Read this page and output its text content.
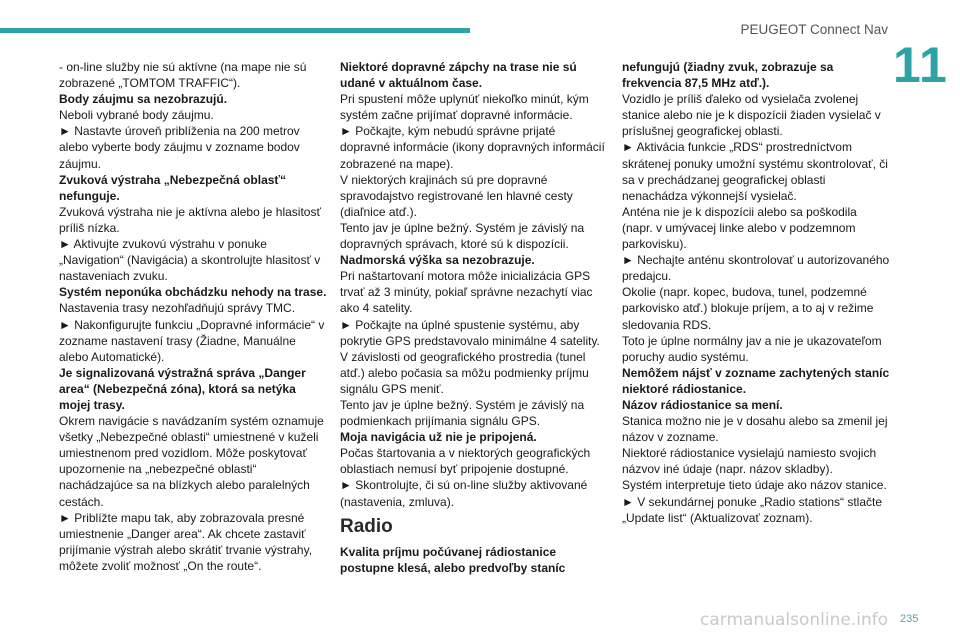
PEUGEOT Connect Nav
11

- on-line služby nie sú aktívne (na mape nie sú zobrazené „TOMTOM TRAFFIC“).

Body záujmu sa nezobrazujú.

Neboli vybrané body záujmu.

► Nastavte úroveň priblíženia na 200 metrov alebo vyberte body záujmu v zozname bodov záujmu.

Zvuková výstraha „Nebezpečná oblasť“ nefunguje.

Zvuková výstraha nie je aktívna alebo je hlasitosť príliš nízka.

► Aktivujte zvukovú výstrahu v ponuke „Navigation“ (Navigácia) a skontrolujte hlasitosť v nastaveniach zvuku.

Systém neponúka obchádzku nehody na trase.

Nastavenia trasy nezohľadňujú správy TMC.

► Nakonfigurujte funkciu „Dopravné informácie“ v zozname nastavení trasy (Žiadne, Manuálne alebo Automatické).

Je signalizovaná výstražná správa „Danger area“ (Nebezpečná zóna), ktorá sa netýka mojej trasy.

Okrem navigácie s navádzaním systém oznamuje všetky „Nebezpečné oblasti“ umiestnené v kuželi umiestnenom pred vozidlom. Môže poskytovať upozornenie na „nebezpečné oblasti“ nachádzajúce sa na blízkych alebo paralelných cestách.

► Priblížte mapu tak, aby zobrazovala presné umiestnenie „Danger area“. Ak chcete zastaviť prijímanie výstrah alebo skrátiť trvanie výstrahy, môžete zvoliť možnosť „On the route“.

Niektoré dopravné zápchy na trase nie sú udané v aktuálnom čase.

Pri spustení môže uplynúť niekoľko minút, kým systém začne prijímať dopravné informácie.

► Počkajte, kým nebudú správne prijaté dopravné informácie (ikony dopravných informácií zobrazené na mape).

V niektorých krajinách sú pre dopravné spravodajstvo registrované len hlavné cesty (diaľnice atď.).

Tento jav je úplne bežný. Systém je závislý na dopravných správach, ktoré sú k dispozícii.

Nadmorská výška sa nezobrazuje.

Pri naštartovaní motora môže inicializácia GPS trvať až 3 minúty, pokiaľ správne nezachytí viac ako 4 satelity.

► Počkajte na úplné spustenie systému, aby pokrytie GPS predstavovalo minimálne 4 satelity.

V závislosti od geografického prostredia (tunel atď.) alebo počasia sa môžu podmienky príjmu signálu GPS meniť.

Tento jav je úplne bežný. Systém je závislý na podmienkach prijímania signálu GPS.

Moja navigácia už nie je pripojená.

Počas štartovania a v niektorých geografických oblastiach nemusí byť pripojenie dostupné.

► Skontrolujte, či sú on-line služby aktivované (nastavenia, zmluva).

Radio

Kvalita príjmu počúvanej rádiostanice postupne klesá, alebo predvoľby staníc

nefungujú (žiadny zvuk, zobrazuje sa frekvencia 87,5 MHz atď.).

Vozidlo je príliš ďaleko od vysielača zvolenej stanice alebo nie je k dispozícii žiaden vysielač v príslušnej geografickej oblasti.

► Aktivácia funkcie „RDS“ prostredníctvom skrátenej ponuky umožní systému skontrolovať, či sa v prechádzanej geografickej oblasti nenachádza výkonnejší vysielač.

Anténa nie je k dispozícii alebo sa poškodila (napr. v umývacej linke alebo v podzemnom parkovisku).

► Nechajte anténu skontrolovať u autorizovaného predajcu.

Okolie (napr. kopec, budova, tunel, podzemné parkovisko atď.) blokuje príjem, a to aj v režime sledovania RDS.

Toto je úplne normálny jav a nie je ukazovateľom poruchy audio systému.

Nemôžem nájsť v zozname zachytených staníc niektoré rádiostanice.

Názov rádiostanice sa mení.

Stanica možno nie je v dosahu alebo sa zmenil jej názov v zozname.

Niektoré rádiostanice vysielajú namiesto svojich názvov iné údaje (napr. názov skladby).

Systém interpretuje tieto údaje ako názov stanice.

► V sekundárnej ponuke „Radio stations“ stlačte „Update list“ (Aktualizovať zoznam).

carmanualsonline.info 235
